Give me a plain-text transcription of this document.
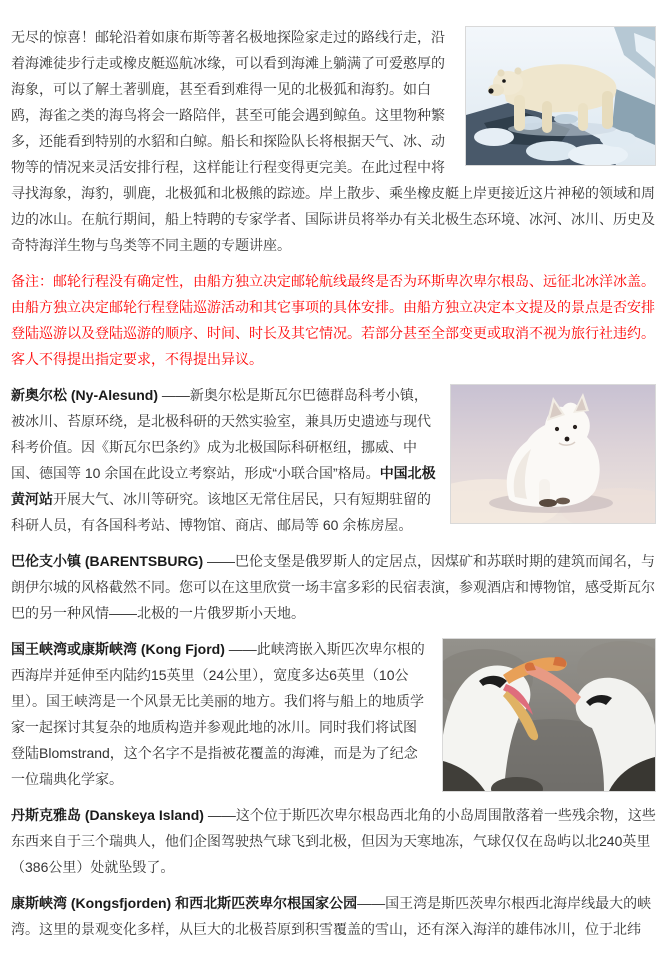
无尽的惊喜！邮轮沿着如康布斯等著名极地探险家走过的路线行走，沿着海滩徒步行走或橡皮艇巡航冰缘，可以看到海滩上躺满了可爱憨厚的海象，可以了解土著驯鹿，甚至看到难得一见的北极狐和海豹。如白鸥，海雀之类的海鸟将会一路陪伴，甚至可能会遇到鲸鱼。这里物种繁多，还能看到特别的水貂和白鲸。船长和探险队长将根据天气、冰、动物等的情况来灵活安排行程，这样能让行程变得更完美。在此过程中将寻找海象，海豹，驯鹿，北极狐和北极熊的踪迹。岸上散步、乘坐橡皮艇上岸更接近这片神秘的领域和周边的冰山。在航行期间，船上特聘的专家学者、国际讲员将举办有关北极生态环境、冰河、冰川、历史及奇特海洋生物与鸟类等不同主题的专题讲座。

备注：邮轮行程没有确定性，由船方独立决定邮轮航线最终是否为环斯卑次卑尔根岛、远征北冰洋冰盖。由船方独立决定邮轮行程登陆巡游活动和其它事项的具体安排。由船方独立决定本文提及的景点是否安排登陆巡游以及登陆巡游的顺序、时间、时长及其它情况。若部分甚至全部变更或取消不视为旅行社违约。客人不得提出指定要求，不得提出异议。

新奥尔松 (Ny-Alesund) ——新奥尔松是斯瓦尔巴德群岛科考小镇，被冰川、苔原环绕，是北极科研的天然实验室，兼具历史遗迹与现代科考价值。因《斯瓦尔巴条约》成为北极国际科研枢纽，挪威、中国、德国等 10 余国在此设立考察站，形成“小联合国”格局。中国北极黄河站开展大气、冰川等研究。该地区无常住居民，只有短期驻留的科研人员，有各国科考站、博物馆、商店、邮局等 60 余栋房屋。

巴伦支小镇 (BARENTSBURG) ——巴伦支堡是俄罗斯人的定居点，因煤矿和苏联时期的建筑而闻名，与朗伊尔城的风格截然不同。您可以在这里欣赏一场丰富多彩的民宿表演，参观酒店和博物馆，感受斯瓦尔巴的另一种风情——北极的一片俄罗斯小天地。

国王峡湾或康斯峡湾 (Kong Fjord) ——此峡湾嵌入斯匹次卑尔根的西海岸并延伸至内陆约15英里（24公里），宽度多达6英里（10公里）。国王峡湾是一个风景无比美丽的地方。我们将与船上的地质学家一起探讨其复杂的地质构造并参观此地的冰川。同时我们将试图登陆Blomstrand，这个名字不是指被花覆盖的海滩，而是为了纪念一位瑞典化学家。

丹斯克雅岛 (Danskeya Island) ——这个位于斯匹次卑尔根岛西北角的小岛周围散落着一些残余物，这些东西来自于三个瑞典人，他们企图驾驶热气球飞到北极，但因为天寒地冻，气球仅仅在岛屿以北240英里（386公里）处就坠毁了。

康斯峡湾 (Kongsfjorden) 和西北斯匹茨卑尔根国家公园——国王湾是斯匹茨卑尔根西北海岸线最大的峡湾。这里的景观变化多样，从巨大的北极苔原到积雪覆盖的雪山，还有深入海洋的雄伟冰川，位于北纬
